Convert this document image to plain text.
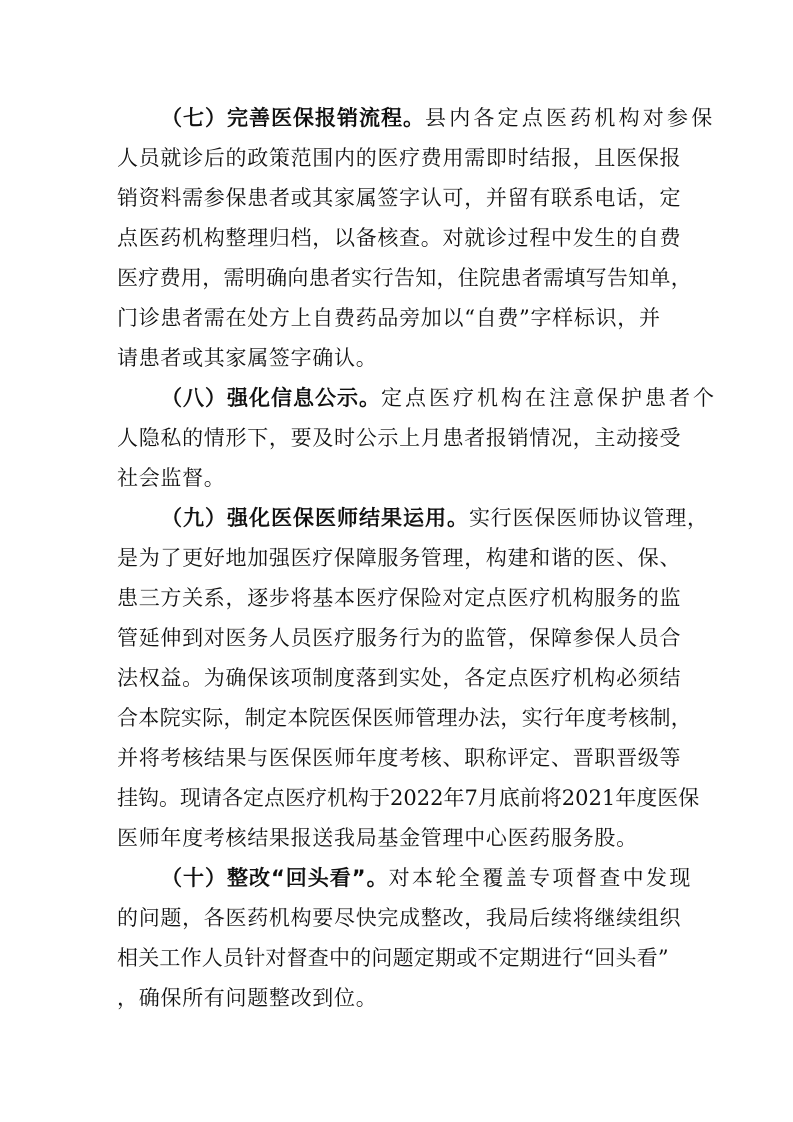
（七）完善医保报销流程。县内各定点医药机构对参保
人员就诊后的政策范围内的医疗费用需即时结报，且医保报
销资料需参保患者或其家属签字认可，并留有联系电话，定
点医药机构整理归档，以备核查。对就诊过程中发生的自费
医疗费用，需明确向患者实行告知，住院患者需填写告知单，
门诊患者需在处方上自费药品旁加以“自费”字样标识，并
请患者或其家属签字确认。
（八）强化信息公示。定点医疗机构在注意保护患者个
人隐私的情形下，要及时公示上月患者报销情况，主动接受
社会监督。
（九）强化医保医师结果运用。实行医保医师协议管理，
是为了更好地加强医疗保障服务管理，构建和谐的医、保、
患三方关系，逐步将基本医疗保险对定点医疗机构服务的监
管延伸到对医务人员医疗服务行为的监管，保障参保人员合
法权益。为确保该项制度落到实处，各定点医疗机构必须结
合本院实际，制定本院医保医师管理办法，实行年度考核制，
并将考核结果与医保医师年度考核、职称评定、晋职晋级等
挂钩。现请各定点医疗机构于2022年7月底前将2021年度医保
医师年度考核结果报送我局基金管理中心医药服务股。
（十）整改“回头看”。对本轮全覆盖专项督查中发现
的问题，各医药机构要尽快完成整改，我局后续将继续组织
相关工作人员针对督查中的问题定期或不定期进行“回头看”
，确保所有问题整改到位。
